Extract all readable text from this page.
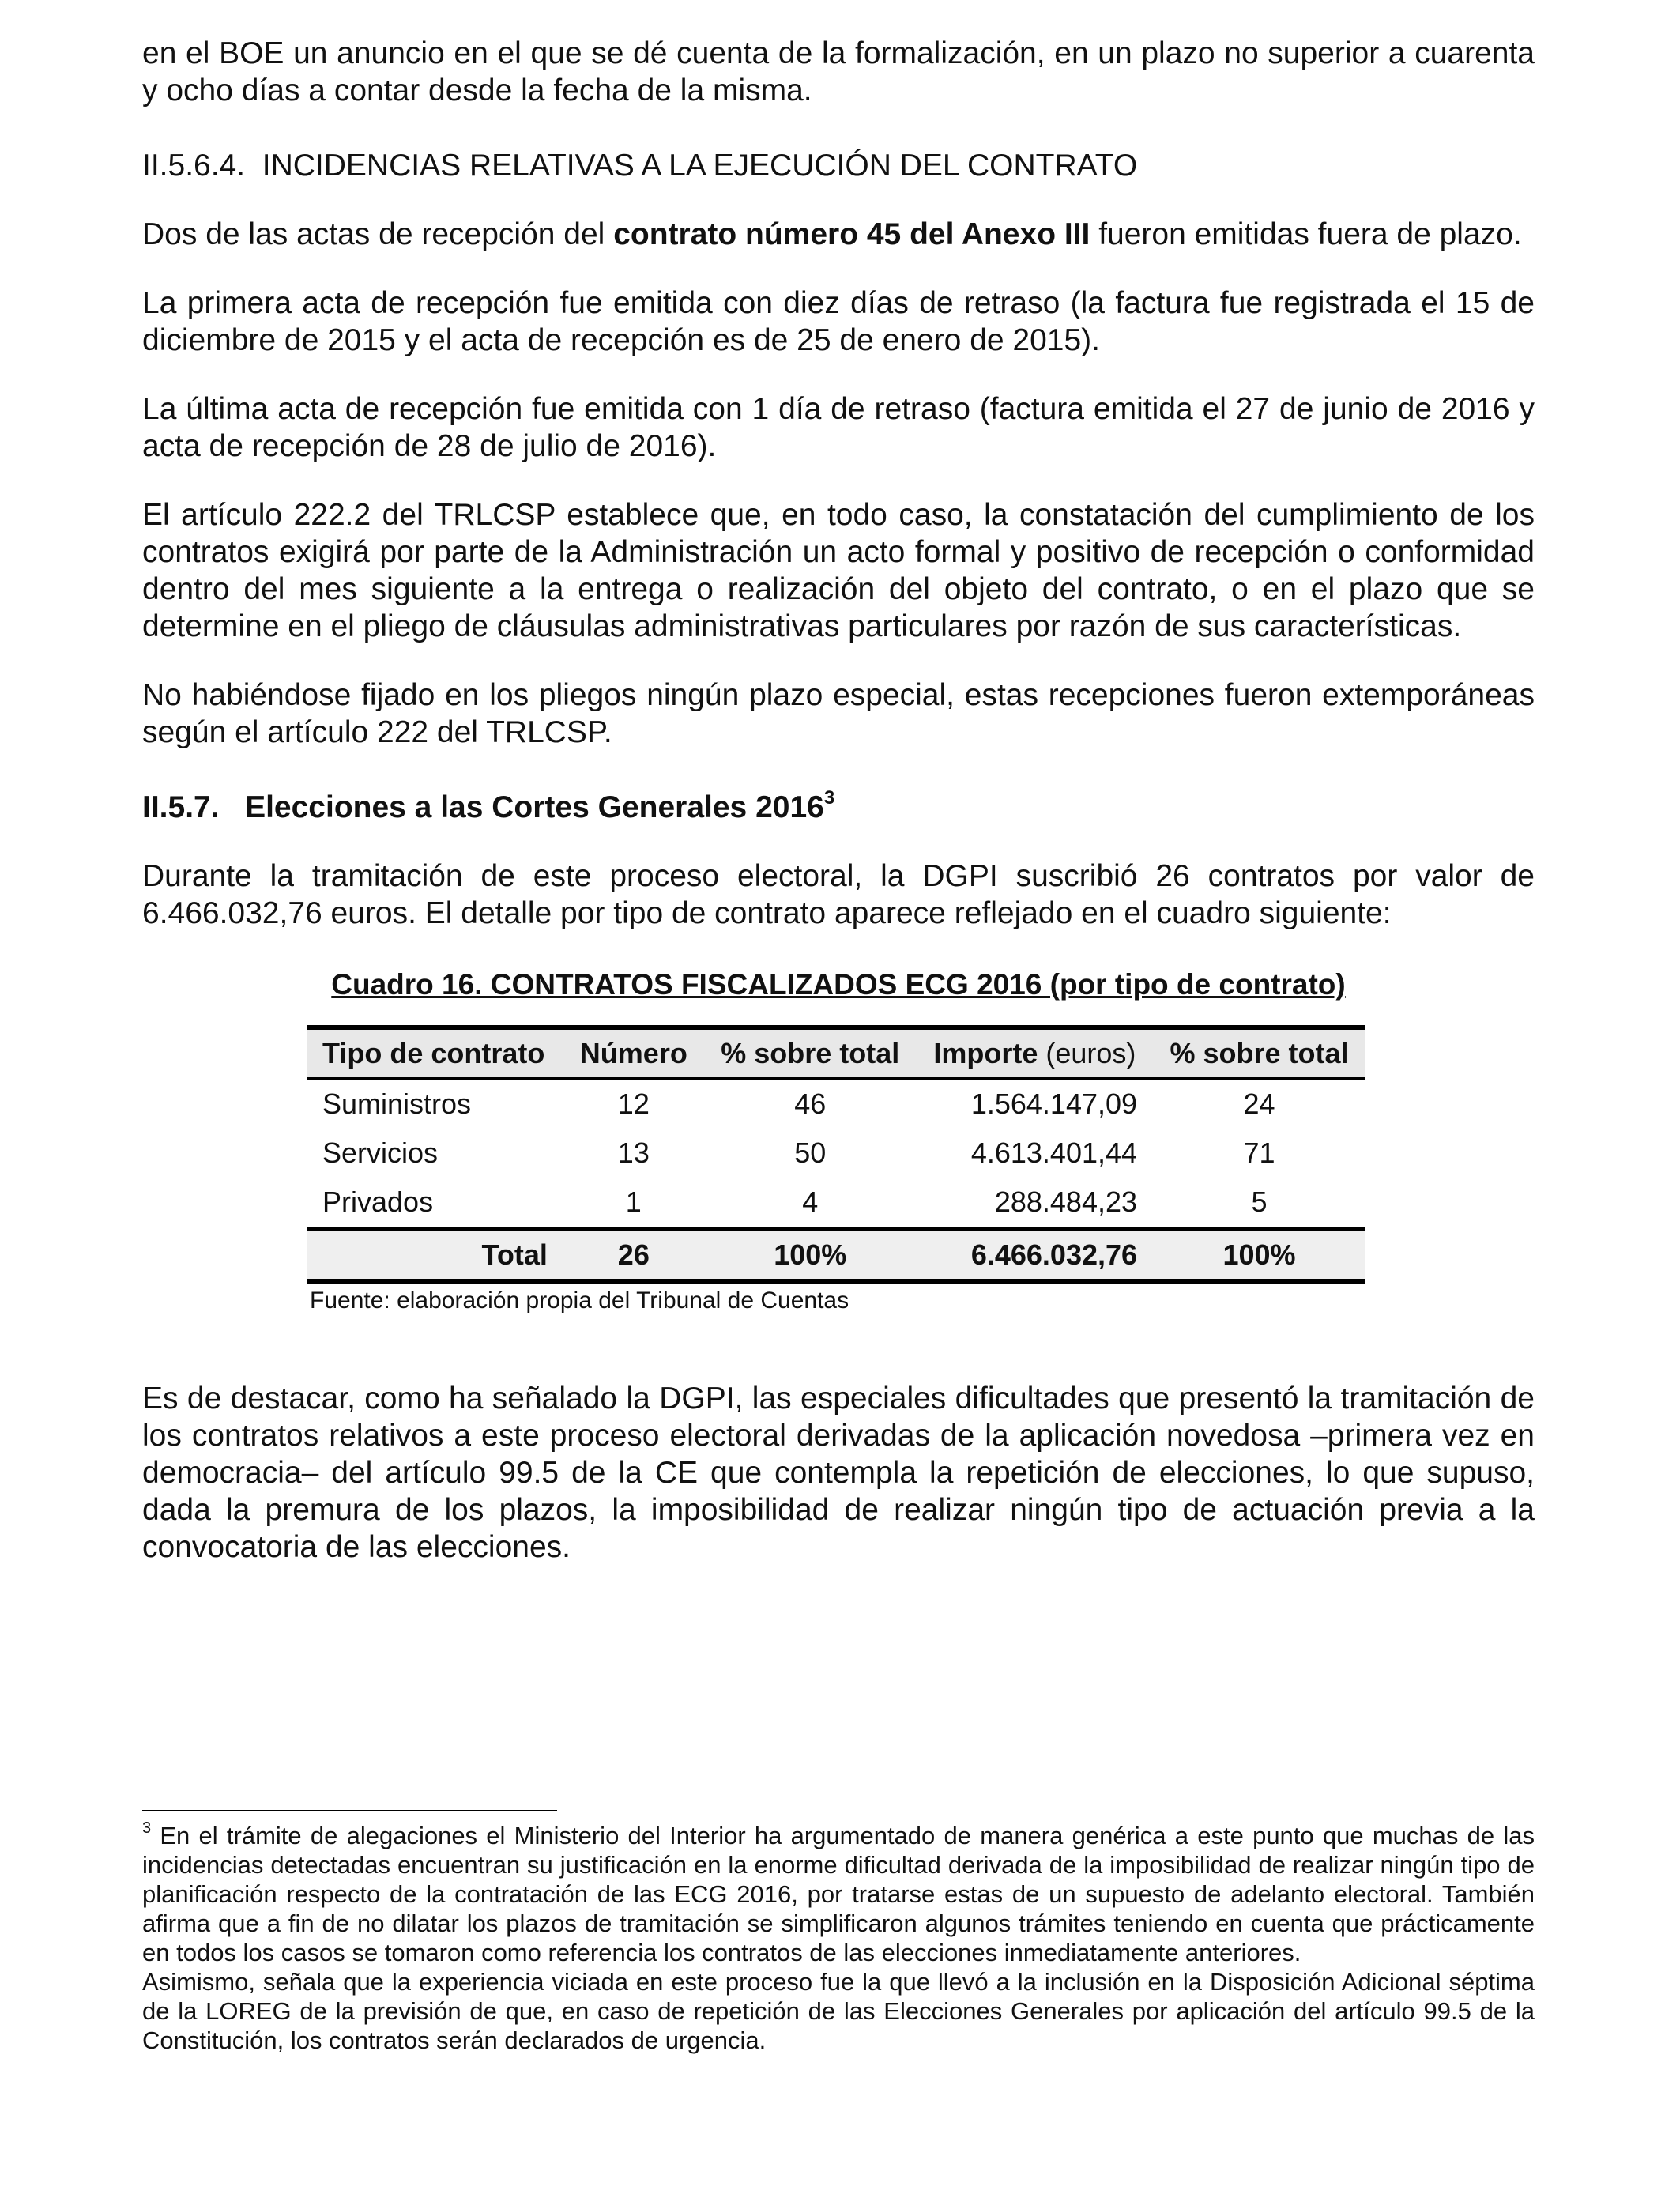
en el BOE un anuncio en el que se dé cuenta de la formalización, en un plazo no superior a cuarenta y ocho días a contar desde la fecha de la misma.

II.5.6.4.  INCIDENCIAS RELATIVAS A LA EJECUCIÓN DEL CONTRATO

Dos de las actas de recepción del contrato número 45 del Anexo III fueron emitidas fuera de plazo.

La primera acta de recepción fue emitida con diez días de retraso (la factura fue registrada el 15 de diciembre de 2015 y el acta de recepción es de 25 de enero de 2015).

La última acta de recepción fue emitida con 1 día de retraso (factura emitida el 27 de junio de 2016 y acta de recepción de 28 de julio de 2016).

El artículo 222.2 del TRLCSP establece que, en todo caso, la constatación del cumplimiento de los contratos exigirá por parte de la Administración un acto formal y positivo de recepción o conformidad dentro del mes siguiente a la entrega o realización del objeto del contrato, o en el plazo que se determine en el pliego de cláusulas administrativas particulares por razón de sus características.

No habiéndose fijado en los pliegos ningún plazo especial, estas recepciones fueron extemporáneas según el artículo 222 del TRLCSP.

II.5.7.   Elecciones a las Cortes Generales 2016$^3$

Durante la tramitación de este proceso electoral, la DGPI suscribió 26 contratos por valor de 6.466.032,76 euros. El detalle por tipo de contrato aparece reflejado en el cuadro siguiente:

Cuadro 16. CONTRATOS FISCALIZADOS ECG 2016 (por tipo de contrato)

Tipo de contrato	Número	% sobre total	Importe (euros)	% sobre total
Suministros	12	46	1.564.147,09	24
Servicios	13	50	4.613.401,44	71
Privados	1	4	288.484,23	5
Total	26	100%	6.466.032,76	100%
Fuente: elaboración propia del Tribunal de Cuentas

Es de destacar, como ha señalado la DGPI, las especiales dificultades que presentó la tramitación de los contratos relativos a este proceso electoral derivadas de la aplicación novedosa –primera vez en democracia– del artículo 99.5 de la CE que contempla la repetición de elecciones, lo que supuso, dada la premura de los plazos, la imposibilidad de realizar ningún tipo de actuación previa a la convocatoria de las elecciones.

$^3$ En el trámite de alegaciones el Ministerio del Interior ha argumentado de manera genérica a este punto que muchas de las incidencias detectadas encuentran su justificación en la enorme dificultad derivada de la imposibilidad de realizar ningún tipo de planificación respecto de la contratación de las ECG 2016, por tratarse estas de un supuesto de adelanto electoral. También afirma que a fin de no dilatar los plazos de tramitación se simplificaron algunos trámites teniendo en cuenta que prácticamente en todos los casos se tomaron como referencia los contratos de las elecciones inmediatamente anteriores.

Asimismo, señala que la experiencia viciada en este proceso fue la que llevó a la inclusión en la Disposición Adicional séptima de la LOREG de la previsión de que, en caso de repetición de las Elecciones Generales por aplicación del artículo 99.5 de la Constitución, los contratos serán declarados de urgencia.
